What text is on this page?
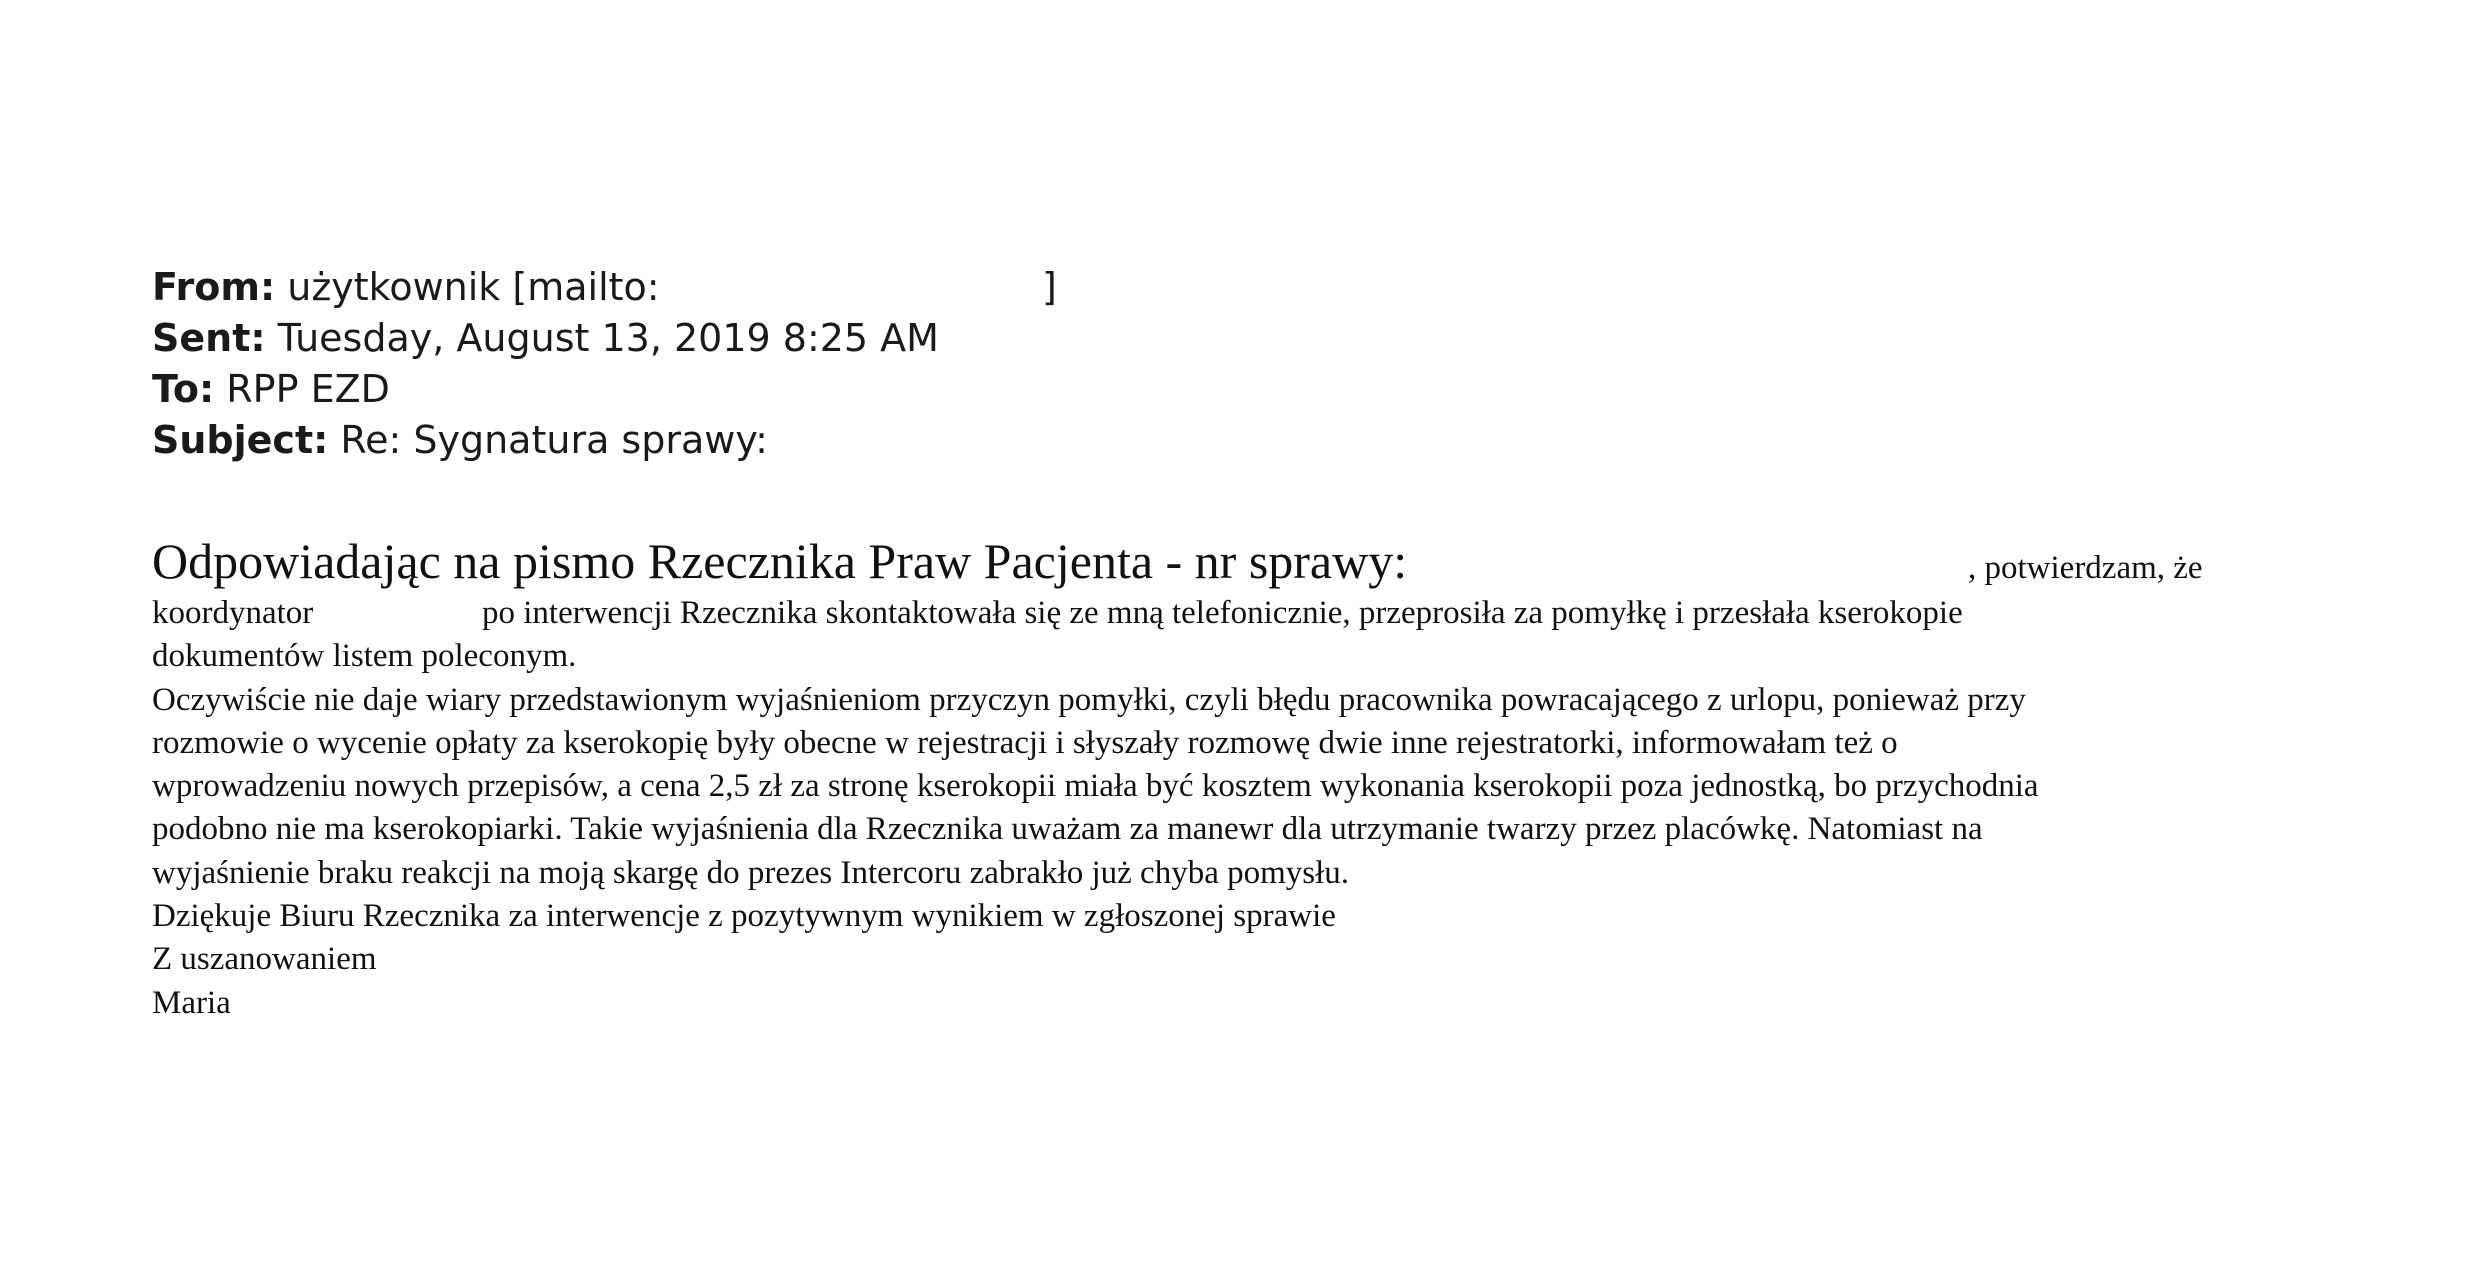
From: użytkownik [mailto:	]
Sent: Tuesday, August 13, 2019 8:25 AM
To: RPP EZD
Subject: Re: Sygnatura sprawy:
Odpowiadając na pismo Rzecznika Praw Pacjenta - nr sprawy:	, potwierdzam, że
koordynator	po interwencji Rzecznika skontaktowała się ze mną telefonicznie, przeprosiła za pomyłkę i przesłała kserokopie
dokumentów listem poleconym.
Oczywiście nie daje wiary przedstawionym wyjaśnieniom przyczyn pomyłki, czyli błędu pracownika powracającego z urlopu, ponieważ przy
rozmowie o wycenie opłaty za kserokopię były obecne w rejestracji i słyszały rozmowę dwie inne rejestratorki, informowałam też o
wprowadzeniu nowych przepisów, a cena 2,5 zł za stronę kserokopii miała być kosztem wykonania kserokopii poza jednostką, bo przychodnia
podobno nie ma kserokopiarki. Takie wyjaśnienia dla Rzecznika uważam za manewr dla utrzymanie twarzy przez placówkę. Natomiast na
wyjaśnienie braku reakcji na moją skargę do prezes Intercoru zabrakło już chyba pomysłu.
Dziękuje Biuru Rzecznika za interwencje z pozytywnym wynikiem w zgłoszonej sprawie
Z uszanowaniem
Maria
